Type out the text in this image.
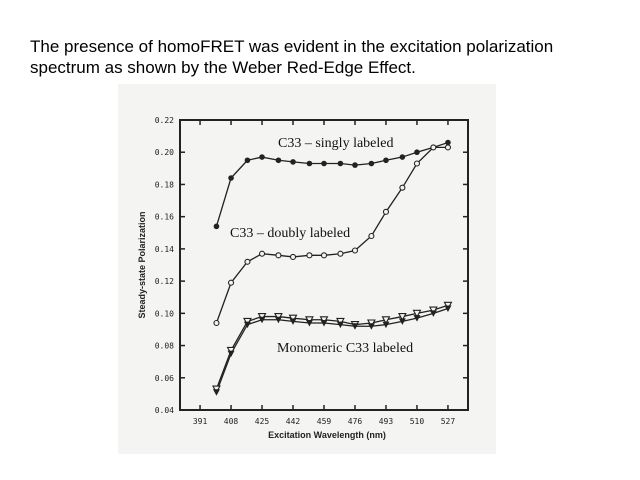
The presence of homoFRET was evident in the excitation polarization
spectrum as shown by the Weber Red-Edge Effect.
391 408 425 442 459 476 493 510 527
0.22
0.20
0.18
0.16
0.14
0.12
0.10
0.08
0.06
0.04
Steady-state Polarization
Excitation Wavelength (nm)
C33 – singly labeled
C33 – doubly labeled
Monomeric C33 labeled
